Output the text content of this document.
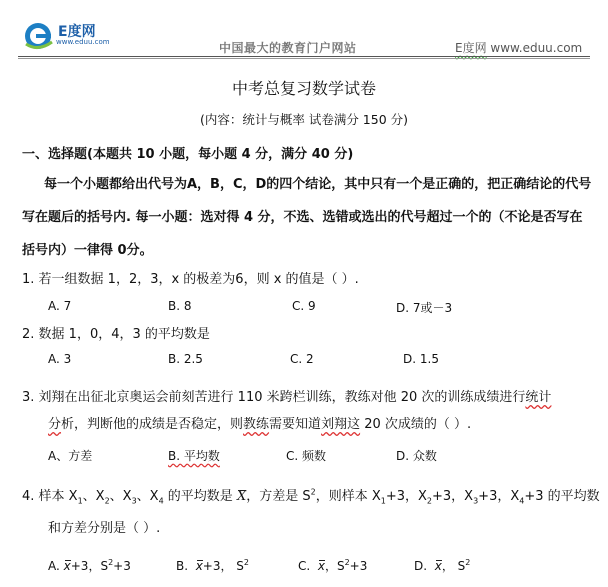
E度网
www.eduu.com	中国最大的教育门户网站	E度网 www.eduu.com
中考总复习数学试卷
(内容：统计与概率 试卷满分 150 分)
一、选择题(本题共 10 小题，每小题 4 分，满分 40 分)
每一个小题都给出代号为A，B，C，D的四个结论，其中只有一个是正确的，把正确结论的代号写在题后的括号内. 每一小题：选对得 4 分，不选、选错或选出的代号超过一个的（不论是否写在括号内）一律得 0分。
1. 若一组数据 1，2，3，x 的极差为6，则 x 的值是（ ）.
A. 7	B. 8	C. 9	D. 7或－3
2. 数据 1，0，4，3 的平均数是
A. 3	B. 2.5	C. 2	D. 1.5
3. 刘翔在出征北京奥运会前刻苦进行 110 米跨栏训练，教练对他 20 次的训练成绩进行统计
分析，判断他的成绩是否稳定，则教练需要知道刘翔这 20 次成绩的（ ）.
A、方差	B. 平均数	C. 频数	D. 众数
4. 样本 $X_1$、$X_2$、$X_3$、$X_4$ 的平均数是 X，方差是 $S^2$，则样本 $X_1+3$，$X_2+3$，$X_3+3$，$X_4+3$ 的平均数
和方差分别是（ ）.
A. x+3，$S^2+3$	B. x+3， $S^2$	C. x，$S^2+3$	D. x， $S^2$
